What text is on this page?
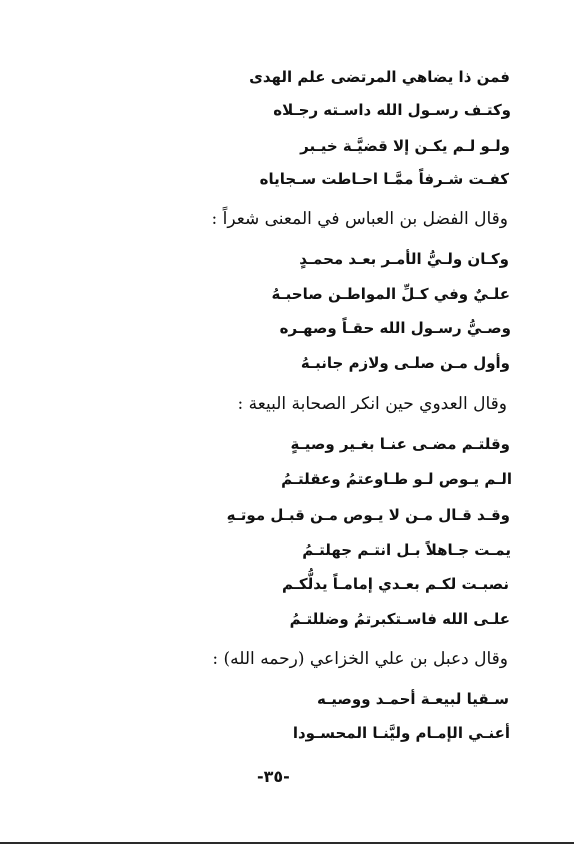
فمن ذا يضاهي المرتضى علم الهدى
وكتـف رسـول الله داسـته رجـلاه
ولـو لـم يكـن إلا قضيَّـة خيـبر
كفـت شـرفاً ممَّـا احـاطت سـجاياه
وقال الفضل بن العباس في المعنى شعراً :
وكـان ولـيُّ الأمـر بعـد محمـدٍ
علـيٌ وفي كـلِّ المواطـن صاحبـهُ
وصـيُّ رسـول الله حقـاً وصهـره
وأول مـن صلـى ولازم جانبـهُ
وقال العدوي حين انكر الصحابة البيعة :
وقلتـم مضـى عنـا بغـير وصيـةٍ
الـم يـوص لـو طـاوعتمُ وعقلتـمُ
وقـد قـال مـن لا يـوص مـن قبـل موتـهِ
يمـت جـاهلاً بـل انتـم جهلتـمُ
نصبـت لكـم بعـدي إمامـاً يدلُّكـم
علـى الله فاسـتكبرتمُ وضللتـمُ
وقال دعبل بن علي الخزاعي (رحمه الله) :
سـقيا لبيعـة أحمـد ووصيـه
أعنـي الإمـام وليَّنـا المحسـودا
-٣٥-
